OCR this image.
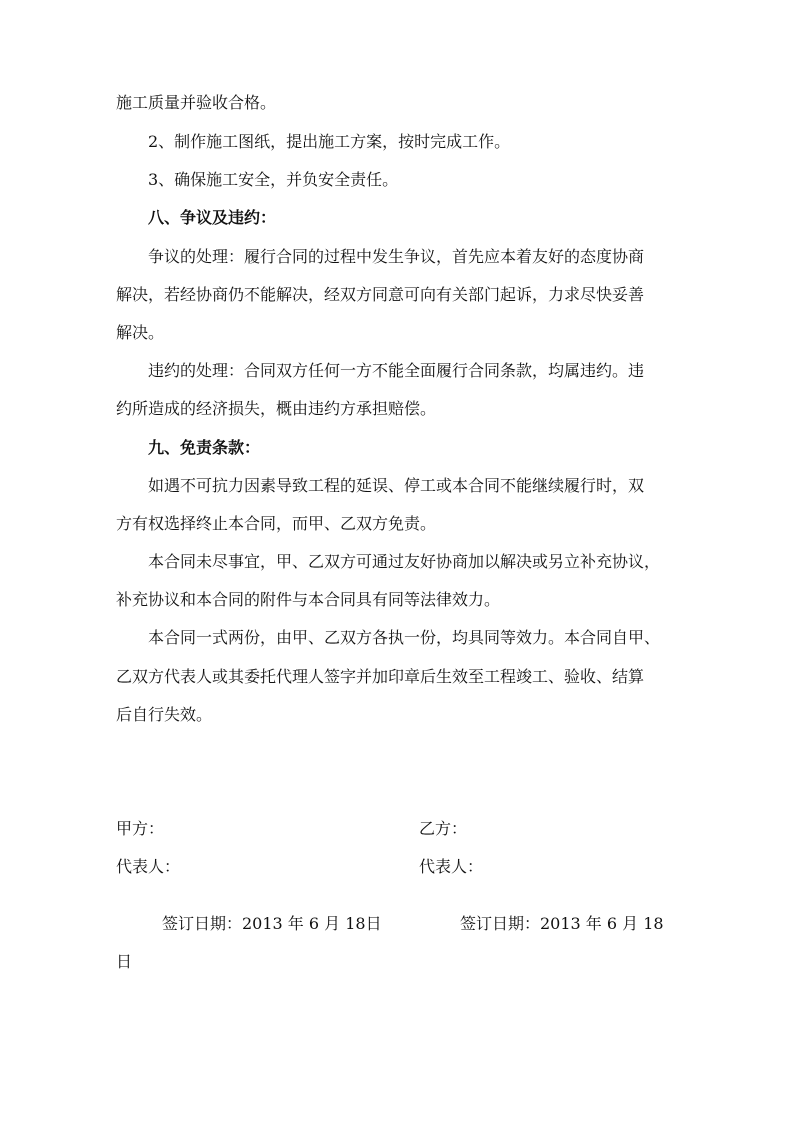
施工质量并验收合格。
2、制作施工图纸，提出施工方案，按时完成工作。
3、确保施工安全，并负安全责任。
八、争议及违约：
争议的处理：履行合同的过程中发生争议，首先应本着友好的态度协商
解决，若经协商仍不能解决，经双方同意可向有关部门起诉，力求尽快妥善
解决。
违约的处理：合同双方任何一方不能全面履行合同条款，均属违约。违
约所造成的经济损失，概由违约方承担赔偿。
九、免责条款：
如遇不可抗力因素导致工程的延误、停工或本合同不能继续履行时，双
方有权选择终止本合同，而甲、乙双方免责。
本合同未尽事宜，甲、乙双方可通过友好协商加以解决或另立补充协议，
补充协议和本合同的附件与本合同具有同等法律效力。
本合同一式两份，由甲、乙双方各执一份，均具同等效力。本合同自甲、
乙双方代表人或其委托代理人签字并加印章后生效至工程竣工、验收、结算
后自行失效。
甲方：	乙方：
代表人：	代表人：
签订日期：2013 年 6 月 18日	签订日期：2013 年 6 月 18
日
